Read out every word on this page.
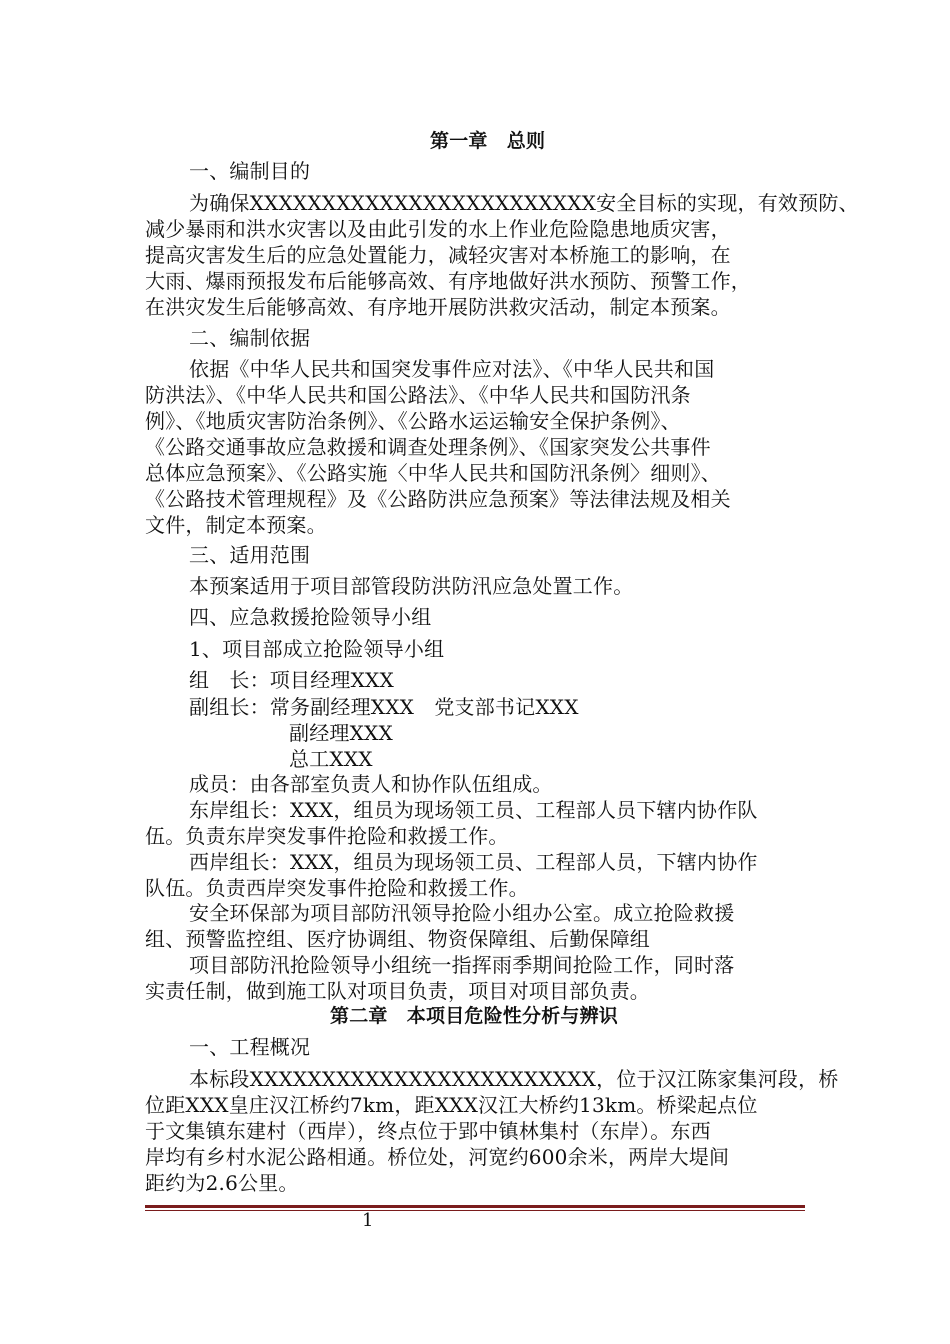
第一章　总则
一、编制目的
为确保XXXXXXXXXXXXXXXXXXXXXXXX安全目标的实现，有效预防、
减少暴雨和洪水灾害以及由此引发的水上作业危险隐患地质灾害，
提高灾害发生后的应急处置能力，减轻灾害对本桥施工的影响，在
大雨、爆雨预报发布后能够高效、有序地做好洪水预防、预警工作，
在洪灾发生后能够高效、有序地开展防洪救灾活动，制定本预案。
二、编制依据
依据《中华人民共和国突发事件应对法》、《中华人民共和国
防洪法》、《中华人民共和国公路法》、《中华人民共和国防汛条
例》、《地质灾害防治条例》、《公路水运运输安全保护条例》、
《公路交通事故应急救援和调查处理条例》、《国家突发公共事件
总体应急预案》、《公路实施〈中华人民共和国防汛条例〉细则》、
《公路技术管理规程》及《公路防洪应急预案》等法律法规及相关
文件，制定本预案。
三、适用范围
本预案适用于项目部管段防洪防汛应急处置工作。
四、应急救援抢险领导小组
1、项目部成立抢险领导小组
组　长：项目经理XXX
副组长：常务副经理XXX　党支部书记XXX
副经理XXX
总工XXX
成员：由各部室负责人和协作队伍组成。
东岸组长：XXX，组员为现场领工员、工程部人员下辖内协作队
伍。负责东岸突发事件抢险和救援工作。
西岸组长：XXX，组员为现场领工员、工程部人员，下辖内协作
队伍。负责西岸突发事件抢险和救援工作。
安全环保部为项目部防汛领导抢险小组办公室。成立抢险救援
组、预警监控组、医疗协调组、物资保障组、后勤保障组
项目部防汛抢险领导小组统一指挥雨季期间抢险工作，同时落
实责任制，做到施工队对项目负责，项目对项目部负责。
第二章　本项目危险性分析与辨识
一、工程概况
本标段XXXXXXXXXXXXXXXXXXXXXXXX，位于汉江陈家集河段，桥
位距XXX皇庄汉江桥约7km，距XXX汉江大桥约13km。桥梁起点位
于文集镇东建村（西岸），终点位于郢中镇林集村（东岸）。东西
岸均有乡村水泥公路相通。桥位处，河宽约600余米，两岸大堤间
距约为2.6公里。
1
